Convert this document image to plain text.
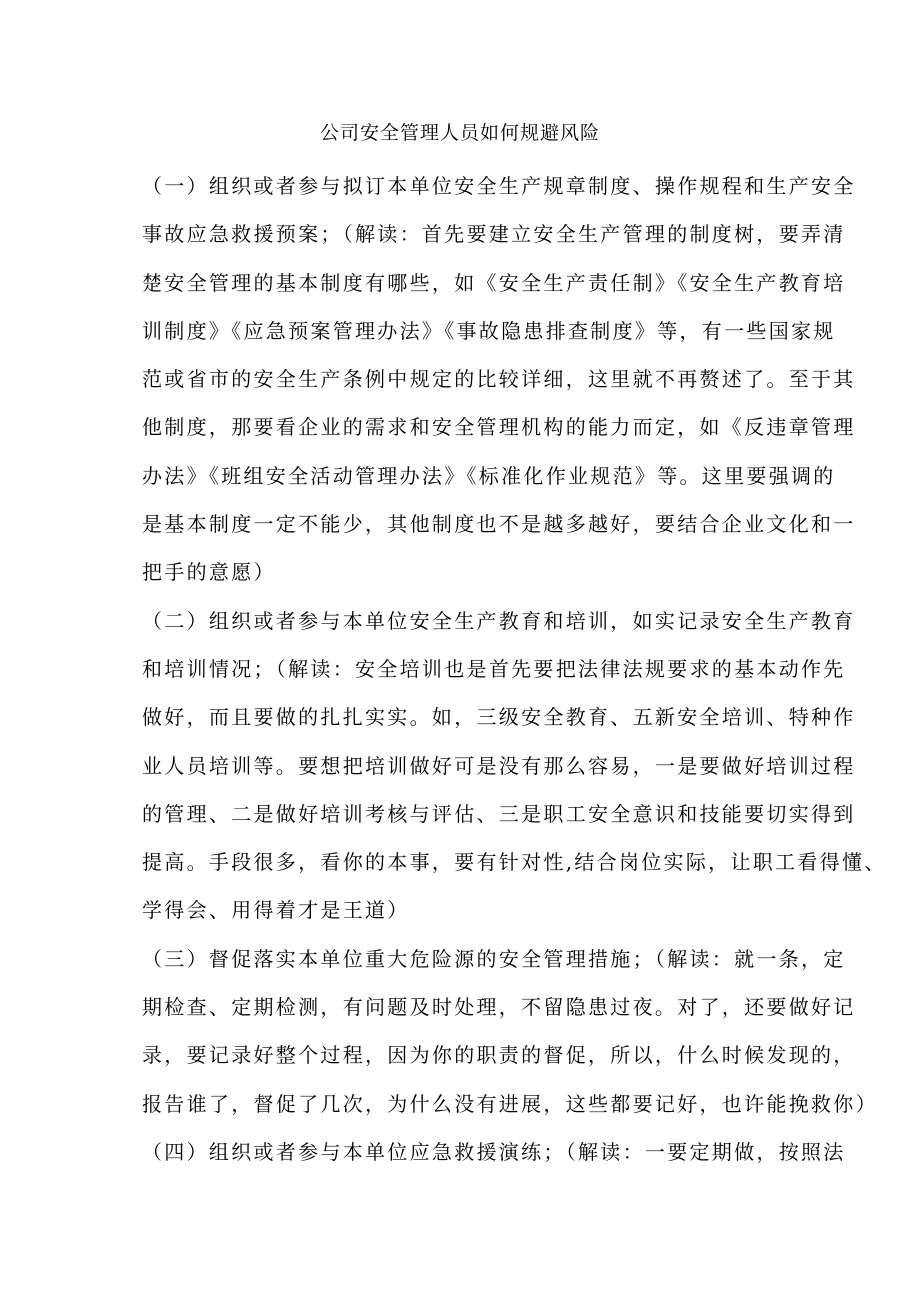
公司安全管理人员如何规避风险
（一）组织或者参与拟订本单位安全生产规章制度、操作规程和生产安全
事故应急救援预案；（解读：首先要建立安全生产管理的制度树，要弄清
楚安全管理的基本制度有哪些，如《安全生产责任制》《安全生产教育培
训制度》《应急预案管理办法》《事故隐患排查制度》等，有一些国家规
范或省市的安全生产条例中规定的比较详细，这里就不再赘述了。至于其
他制度，那要看企业的需求和安全管理机构的能力而定，如《反违章管理
办法》《班组安全活动管理办法》《标准化作业规范》等。这里要强调的
是基本制度一定不能少，其他制度也不是越多越好，要结合企业文化和一
把手的意愿）
（二）组织或者参与本单位安全生产教育和培训，如实记录安全生产教育
和培训情况；（解读：安全培训也是首先要把法律法规要求的基本动作先
做好，而且要做的扎扎实实。如，三级安全教育、五新安全培训、特种作
业人员培训等。要想把培训做好可是没有那么容易，一是要做好培训过程
的管理、二是做好培训考核与评估、三是职工安全意识和技能要切实得到
提高。手段很多，看你的本事，要有针对性,结合岗位实际，让职工看得懂、
学得会、用得着才是王道）
（三）督促落实本单位重大危险源的安全管理措施；（解读：就一条，定
期检查、定期检测，有问题及时处理，不留隐患过夜。对了，还要做好记
录，要记录好整个过程，因为你的职责的督促，所以，什么时候发现的，
报告谁了，督促了几次，为什么没有进展，这些都要记好，也许能挽救你）
（四）组织或者参与本单位应急救援演练；（解读：一要定期做，按照法
